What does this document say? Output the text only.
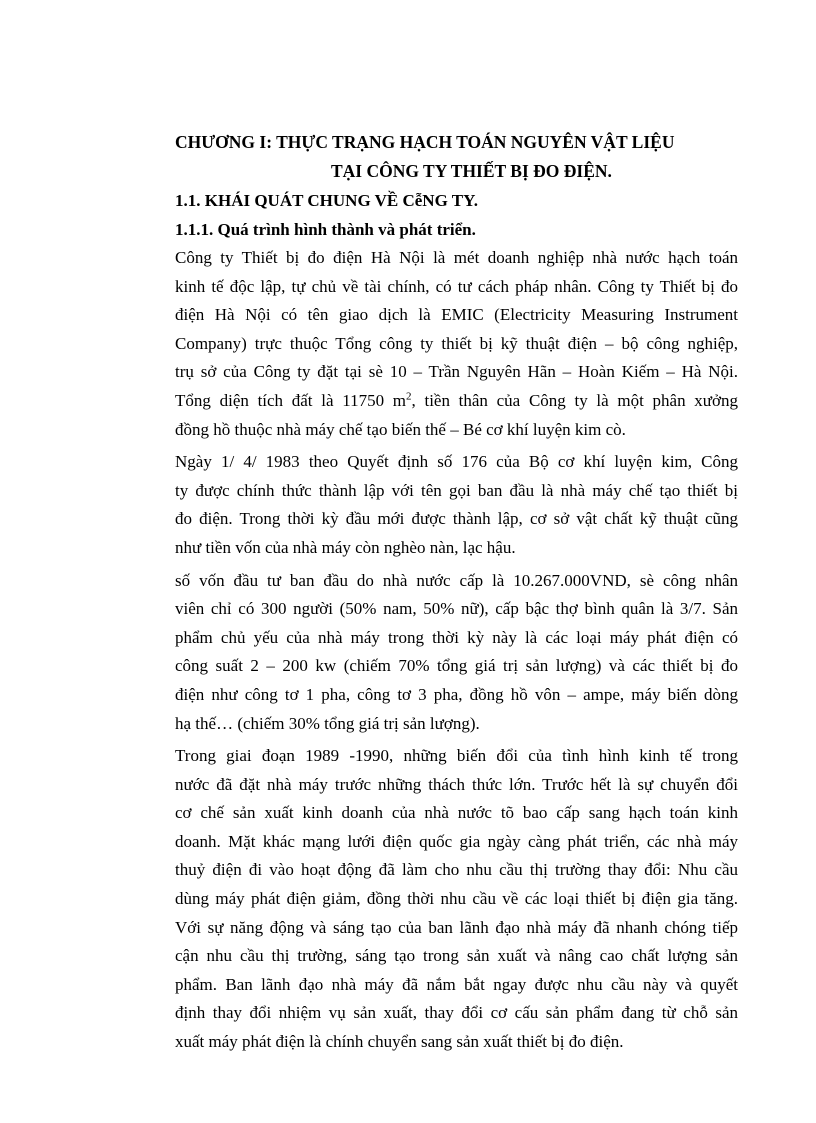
CHƯƠNG I: THỰC TRẠNG HẠCH TOÁN NGUYÊN VẬT LIỆU
TẠI CÔNG TY THIẾT BỊ ĐO ĐIỆN.
1.1. KHÁI QUÁT CHUNG VỀ CễNG TY.
1.1.1. Quá trình hình thành và phát triển.

Công ty Thiết bị đo điện Hà Nội là mét doanh nghiệp nhà nước hạch toán
kinh tế độc lập, tự chủ về tài chính, có tư cách pháp nhân. Công ty Thiết bị đo
điện Hà Nội có tên giao dịch là EMIC (Electricity Measuring Instrument
Company) trực thuộc Tổng công ty thiết bị kỹ thuật điện – bộ công nghiệp,
trụ sở của Công ty đặt tại sè 10 – Trần Nguyên Hãn – Hoàn Kiếm – Hà Nội.
Tổng diện tích đất là 11750 $m^2$, tiền thân của Công ty là một phân xưởng
đồng hồ thuộc nhà máy chế tạo biến thế – Bé cơ khí luyện kim cò.

Ngày 1/ 4/ 1983 theo Quyết định số 176 của Bộ cơ khí luyện kim, Công
ty được chính thức thành lập với tên gọi ban đầu là nhà máy chế tạo thiết bị
đo điện. Trong thời kỳ đầu mới được thành lập, cơ sở vật chất kỹ thuật cũng
như tiền vốn của nhà máy còn nghèo nàn, lạc hậu.

số vốn đầu tư ban đầu do nhà nước cấp là 10.267.000VND, sè công nhân
viên chỉ có 300 người (50% nam, 50% nữ), cấp bậc thợ bình quân là 3/7. Sản
phẩm chủ yếu của nhà máy trong thời kỳ này là các loại máy phát điện có
công suất 2 – 200 kw (chiếm 70% tổng giá trị sản lượng) và các thiết bị đo
điện như công tơ 1 pha, công tơ 3 pha, đồng hồ vôn – ampe, máy biến dòng
hạ thế… (chiếm 30% tổng giá trị sản lượng).

Trong giai đoạn 1989 -1990, những biến đổi của tình hình kinh tế trong
nước đã đặt nhà máy trước những thách thức lớn. Trước hết là sự chuyển đổi
cơ chế sản xuất kinh doanh của nhà nước tõ bao cấp sang hạch toán kinh
doanh. Mặt khác mạng lưới điện quốc gia ngày càng phát triển, các nhà máy
thuỷ điện đi vào hoạt động đã làm cho nhu cầu thị trường thay đổi: Nhu cầu
dùng máy phát điện giảm, đồng thời nhu cầu về các loại thiết bị điện gia tăng.
Với sự năng động và sáng tạo của ban lãnh đạo nhà máy đã nhanh chóng tiếp
cận nhu cầu thị trường, sáng tạo trong sản xuất và nâng cao chất lượng sản
phẩm. Ban lãnh đạo nhà máy đã nắm bắt ngay được nhu cầu này và quyết
định thay đổi nhiệm vụ sản xuất, thay đổi cơ cấu sản phẩm đang từ chỗ sản
xuất máy phát điện là chính chuyển sang sản xuất thiết bị đo điện.
